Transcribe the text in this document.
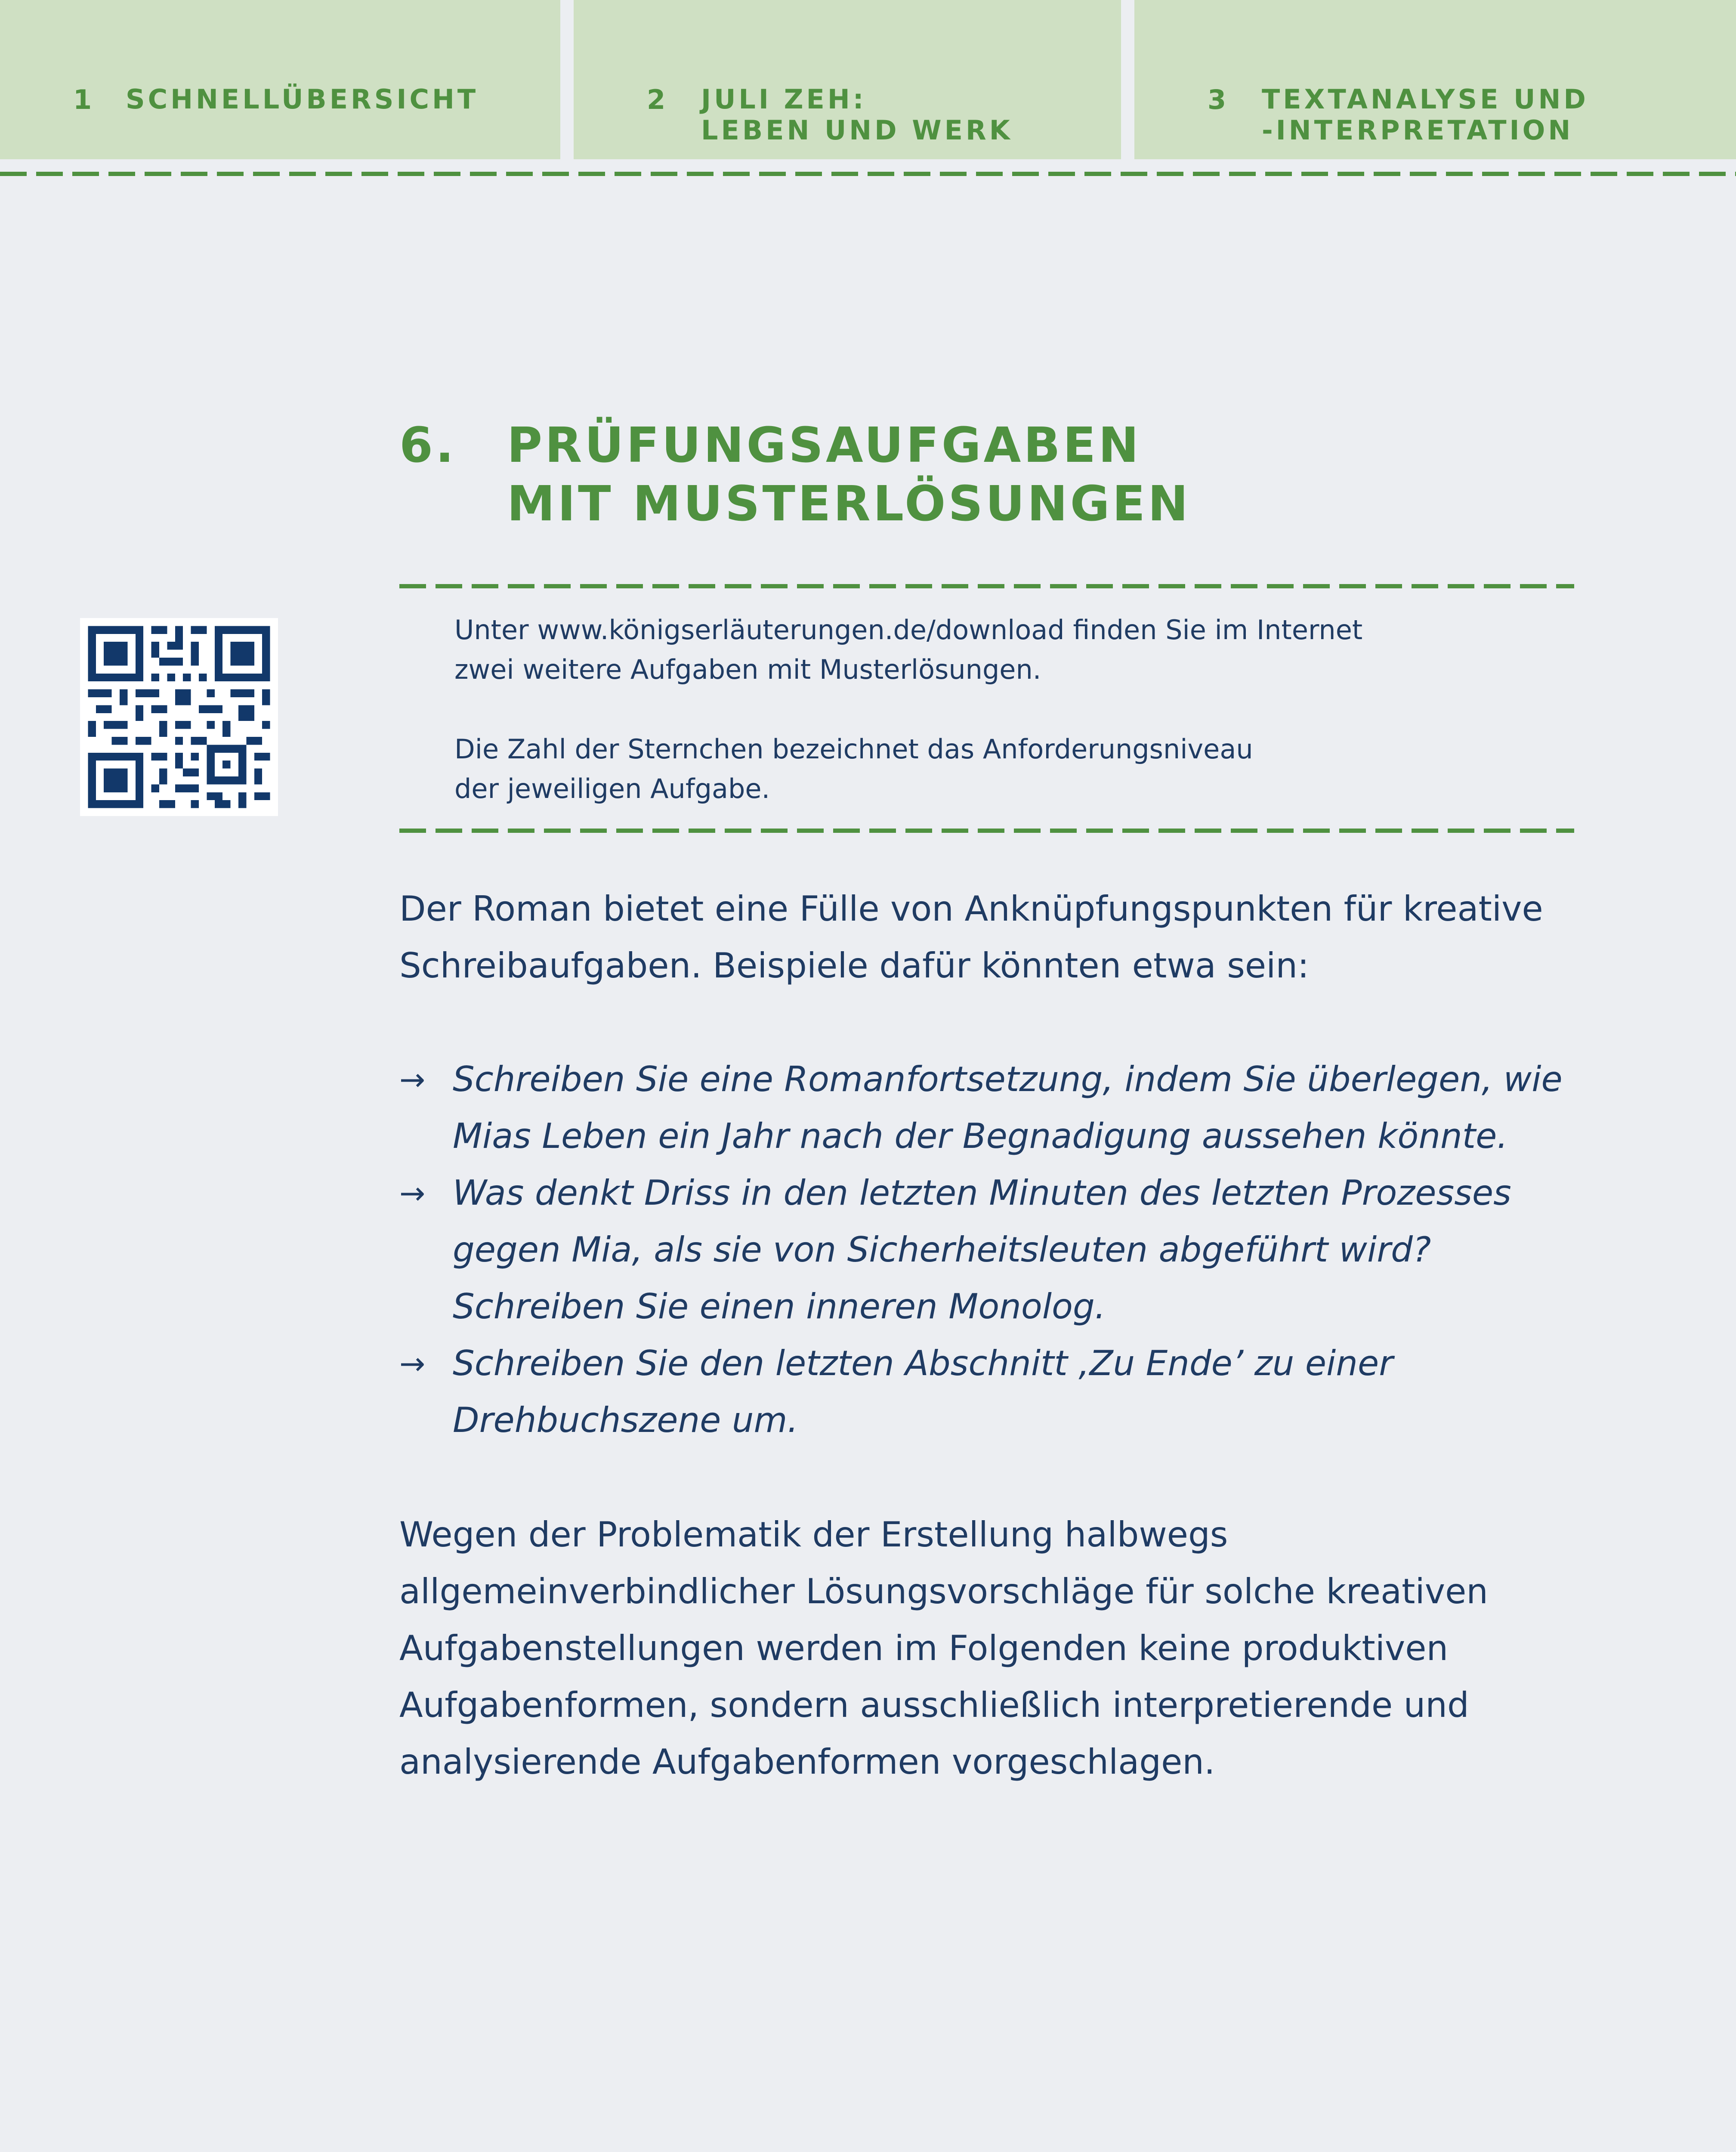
1 SCHNELLÜBERSICHT	2 JULI ZEH:
LEBEN UND WERK
3 TEXTANALYSE UND
-INTERPRETATION
6. PRÜFUNGSAUFGABEN
MIT MUSTERLÖSUNGEN
Unter www.königserläuterungen.de/download finden Sie im Internet
zwei weitere Aufgaben mit Musterlösungen.
Die Zahl der Sternchen bezeichnet das Anforderungsniveau
der jeweiligen Aufgabe.
Der Roman bietet eine Fülle von Anknüpfungspunkten für kreative Schreibaufgaben. Beispiele dafür könnten etwa sein:
→ Schreiben Sie eine Romanfortsetzung, indem Sie überlegen, wie Mias Leben ein Jahr nach der Begnadigung aussehen könnte.
→ Was denkt Driss in den letzten Minuten des letzten Prozesses gegen Mia, als sie von Sicherheitsleuten abgeführt wird? Schreiben Sie einen inneren Monolog.
→ Schreiben Sie den letzten Abschnitt ‚Zu Ende’ zu einer Drehbuchszene um.
Wegen der Problematik der Erstellung halbwegs allgemeinverbindlicher Lösungsvorschläge für solche kreativen Aufgabenstellungen werden im Folgenden keine produktiven Aufgabenformen, sondern ausschließlich interpretierende und analysierende Aufgabenformen vorgeschlagen.
